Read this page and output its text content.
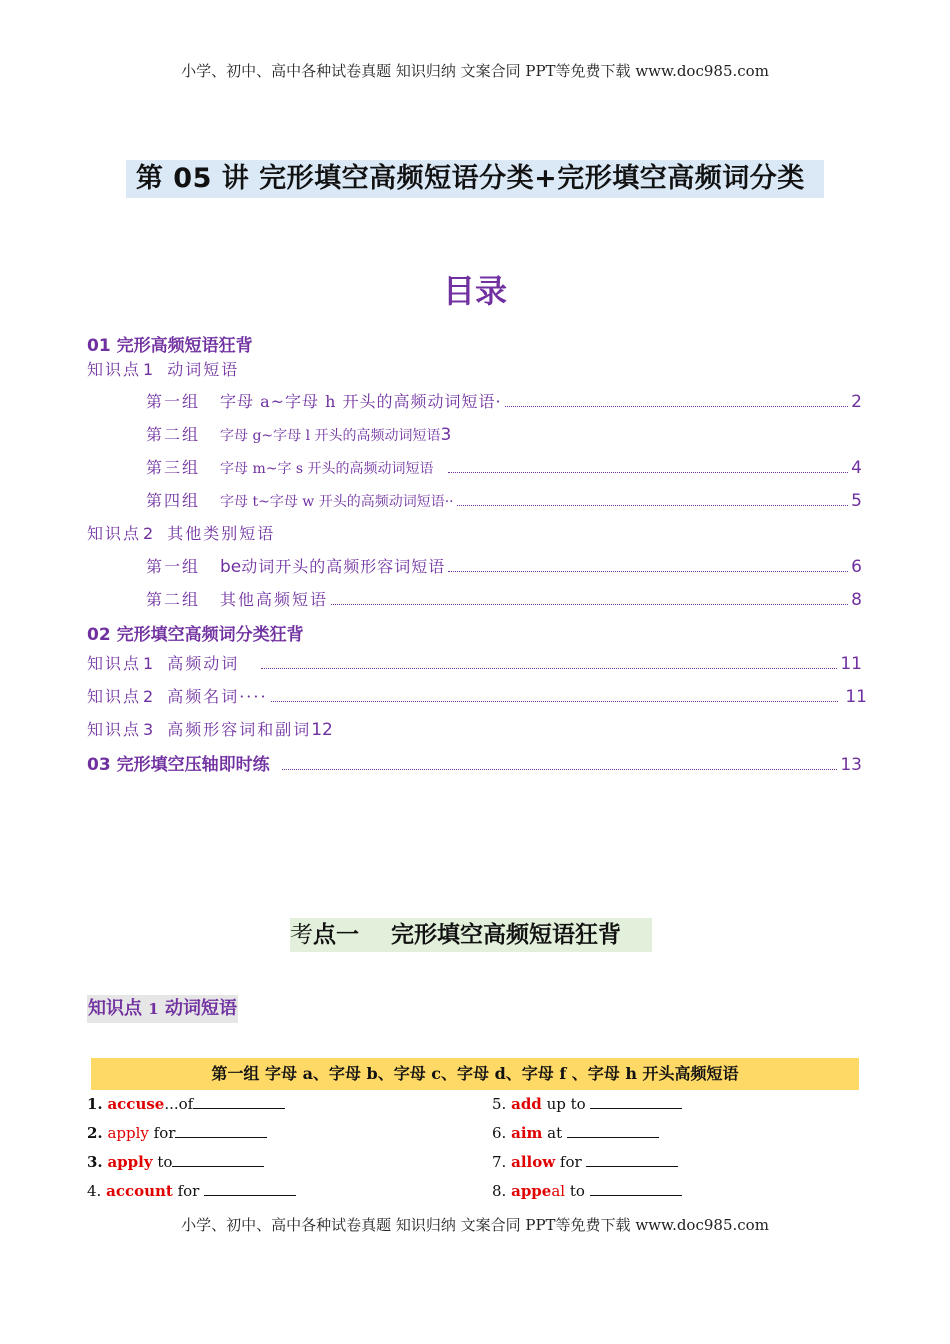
小学、初中、高中各种试卷真题 知识归纳 文案合同 PPT等免费下载 www.doc985.com
第 05 讲 完形填空高频短语分类+完形填空高频词分类
目录
01 完形高频短语狂背
知识点 1 动词短语
第一组 字母 a~字母 h 开头的高频动词短语·	2
第二组 字母 g~字母 l 开头的高频动词短语 3
第三组 字母 m~字 s 开头的高频动词短语	4
第四组 字母 t~字母 w 开头的高频动词短语··	5
知识点 2 其他类别短语
第一组 be 动词开头的高频形容词短语	6
第二组 其他高频短语	8
02 完形填空高频词分类狂背
知识点 1 高频动词	11
知识点 2 高频名词····	11
知识点 3 高频形容词和副词 12
03 完形填空压轴即时练	13
考点一 完形填空高频短语狂背
知识点 1 动词短语
第一组 字母 a、字母 b、字母 c、字母 d、字母 f 、字母 h 开头高频短语
1. accuse...of
2. apply for
3. apply to
4. account for
5. add up to
6. aim at
7. allow for
8. appeal to
小学、初中、高中各种试卷真题 知识归纳 文案合同 PPT等免费下载 www.doc985.com
